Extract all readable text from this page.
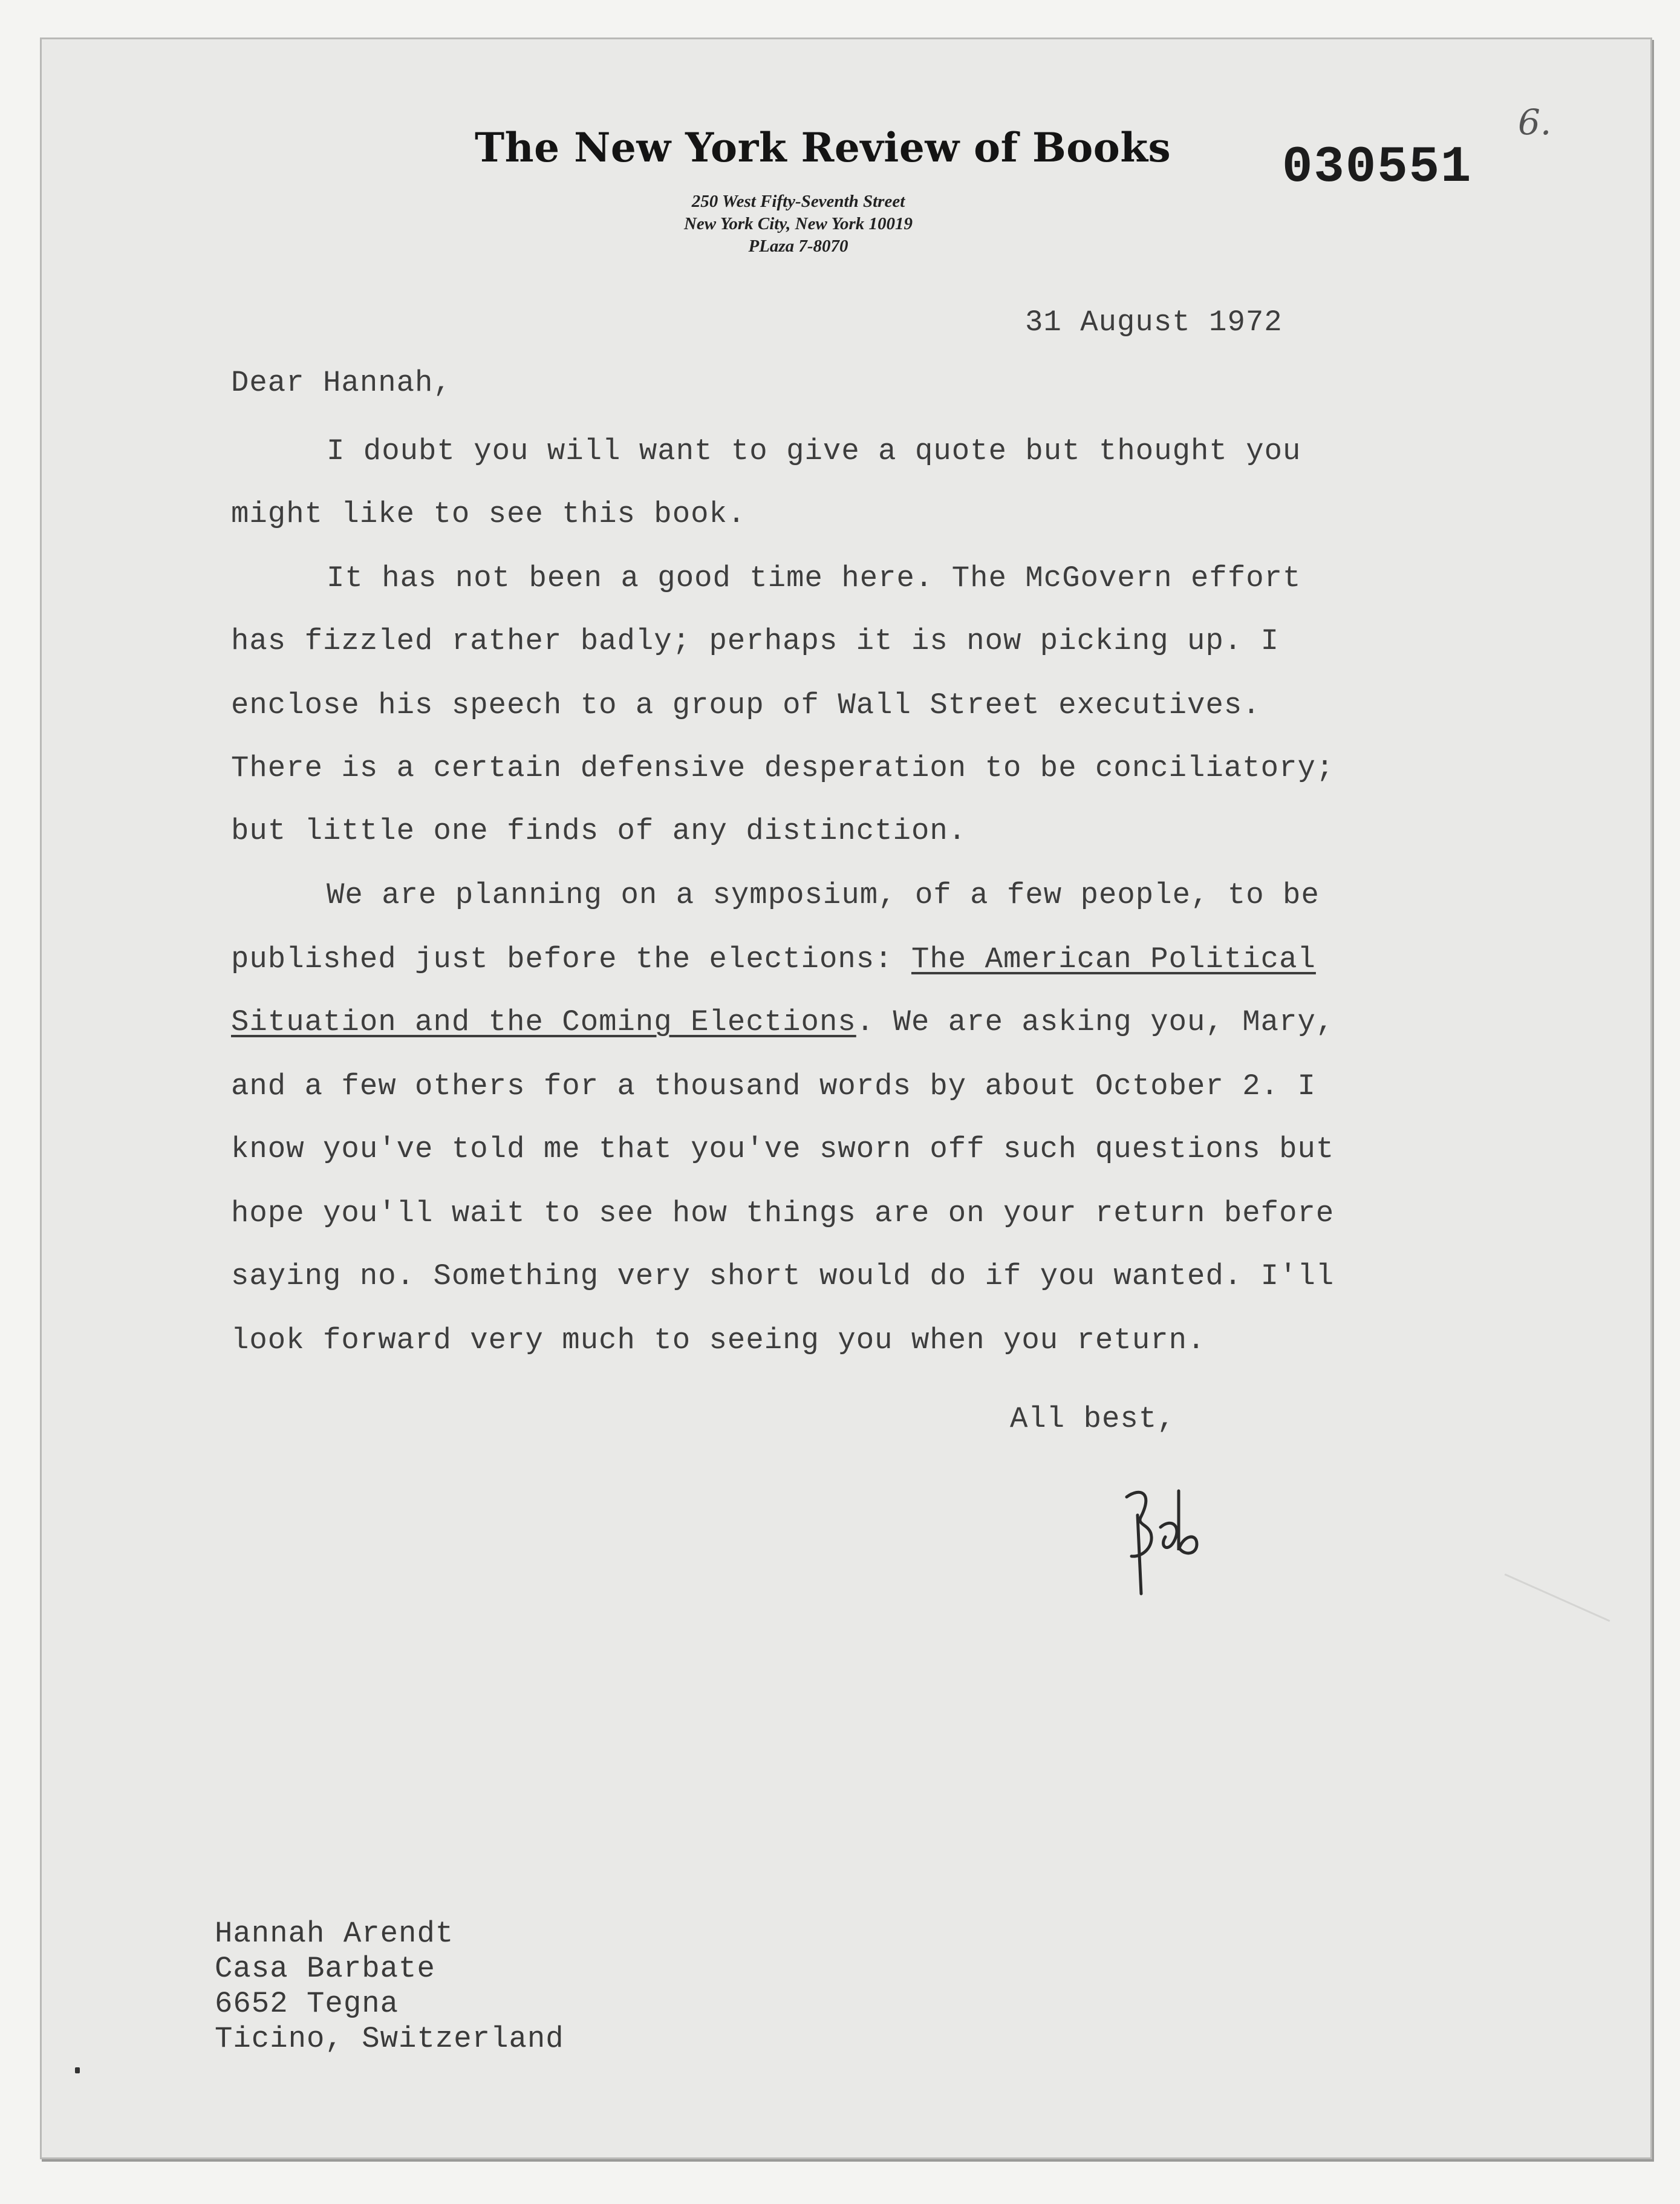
The New York Review of Books 030551
6.
250 West Fifty-Seventh Street
New York City, New York 10019
PLaza 7-8070
31 August 1972
Dear Hannah,
I doubt you will want to give a quote but thought you
might like to see this book.
It has not been a good time here. The McGovern effort
has fizzled rather badly; perhaps it is now picking up. I
enclose his speech to a group of Wall Street executives.
There is a certain defensive desperation to be conciliatory;
but little one finds of any distinction.
We are planning on a symposium, of a few people, to be
published just before the elections: The American Political
Situation and the Coming Elections. We are asking you, Mary,
and a few others for a thousand words by about October 2. I
know you've told me that you've sworn off such questions but
hope you'll wait to see how things are on your return before
saying no. Something very short would do if you wanted. I'll
look forward very much to seeing you when you return.
All best,
Hannah Arendt
Casa Barbate
6652 Tegna
Ticino, Switzerland
